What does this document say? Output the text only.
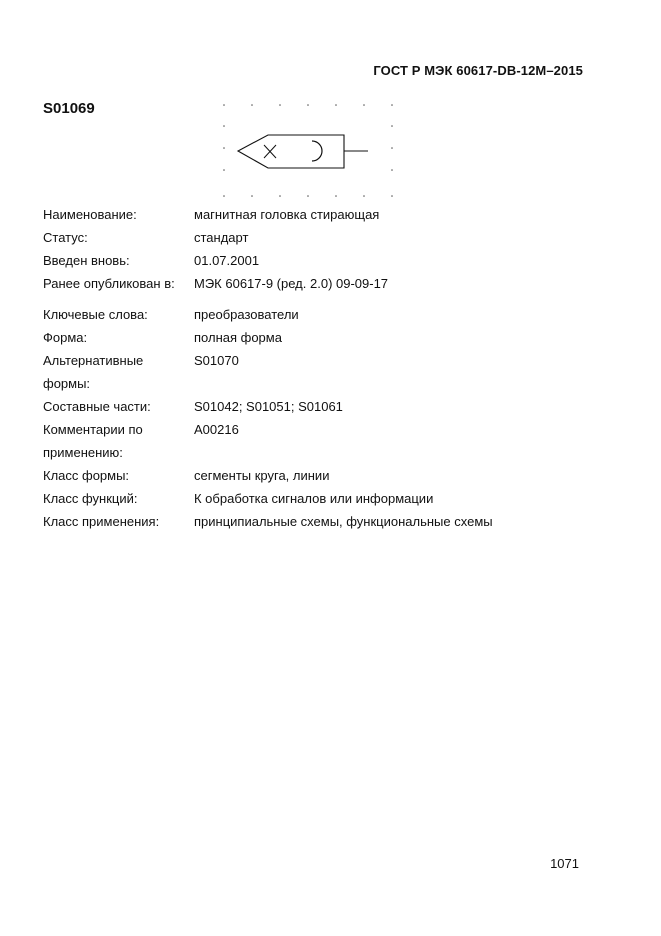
ГОСТ Р МЭК 60617-DB-12M–2015
S01069
Наименование:	магнитная головка стирающая
Статус:	стандарт
Введен вновь:	01.07.2001
Ранее опубликован в:	МЭК 60617-9 (ред. 2.0) 09-09-17
Ключевые слова:	преобразователи
Форма:	полная форма
Альтернативные	S01070
формы:
Составные части:	S01042; S01051; S01061
Комментарии по	A00216
применению:
Класс формы:	сегменты круга, линии
Класс функций:	К обработка сигналов или информации
Класс применения:	принципиальные схемы, функциональные схемы
1071
